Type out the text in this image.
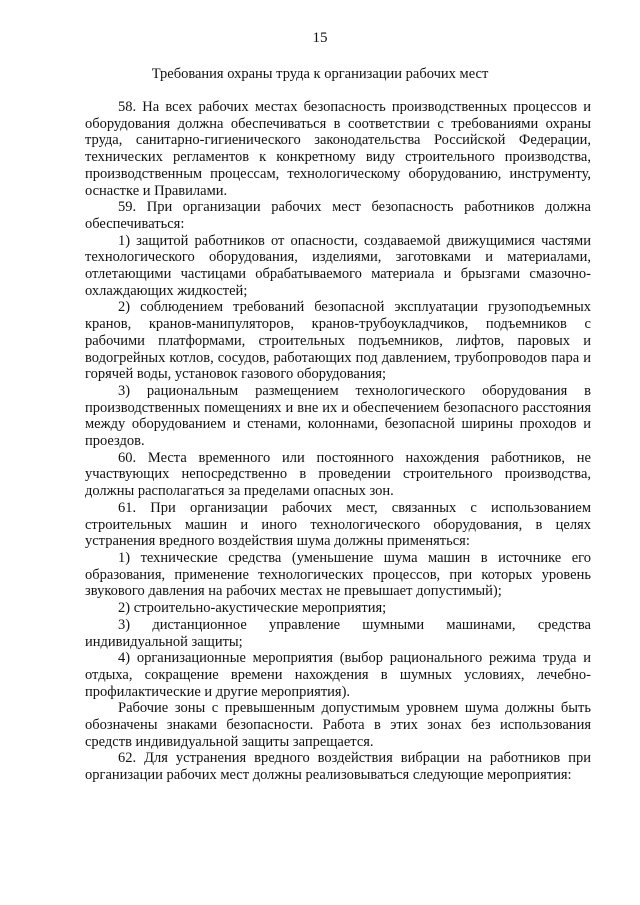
15
Требования охраны труда к организации рабочих мест

58. На всех рабочих местах безопасность производственных процессов и оборудования должна обеспечиваться в соответствии с требованиями охраны труда, санитарно-гигиенического законодательства Российской Федерации, технических регламентов к конкретному виду строительного производства, производственным процессам, технологическому оборудованию, инструменту, оснастке и Правилами.

59. При организации рабочих мест безопасность работников должна обеспечиваться:

1) защитой работников от опасности, создаваемой движущимися частями технологического оборудования, изделиями, заготовками и материалами, отлетающими частицами обрабатываемого материала и брызгами смазочно-охлаждающих жидкостей;

2) соблюдением требований безопасной эксплуатации грузоподъемных кранов, кранов-манипуляторов, кранов-трубоукладчиков, подъемников с рабочими платформами, строительных подъемников, лифтов, паровых и водогрейных котлов, сосудов, работающих под давлением, трубопроводов пара и горячей воды, установок газового оборудования;

3) рациональным размещением технологического оборудования в производственных помещениях и вне их и обеспечением безопасного расстояния между оборудованием и стенами, колоннами, безопасной ширины проходов и проездов.

60. Места временного или постоянного нахождения работников, не участвующих непосредственно в проведении строительного производства, должны располагаться за пределами опасных зон.

61. При организации рабочих мест, связанных с использованием строительных машин и иного технологического оборудования, в целях устранения вредного воздействия шума должны применяться:

1) технические средства (уменьшение шума машин в источнике его образования, применение технологических процессов, при которых уровень звукового давления на рабочих местах не превышает допустимый);

2) строительно-акустические мероприятия;

3) дистанционное управление шумными машинами, средства индивидуальной защиты;

4) организационные мероприятия (выбор рационального режима труда и отдыха, сокращение времени нахождения в шумных условиях, лечебно-профилактические и другие мероприятия).

Рабочие зоны с превышенным допустимым уровнем шума должны быть обозначены знаками безопасности. Работа в этих зонах без использования средств индивидуальной защиты запрещается.

62. Для устранения вредного воздействия вибрации на работников при организации рабочих мест должны реализовываться следующие мероприятия:
